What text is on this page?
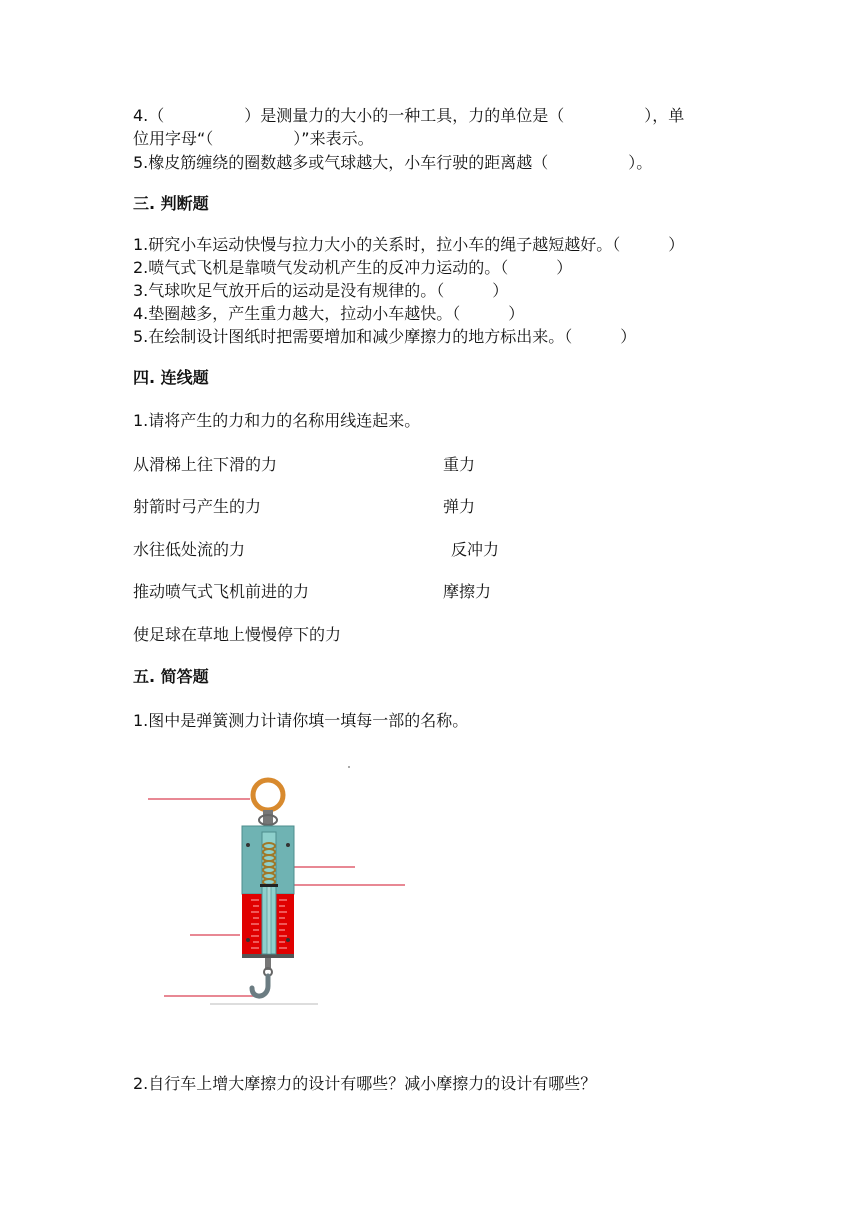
4.（　　　　　）是测量力的大小的一种工具，力的单位是（　　　　　），单
位用字母“（　　　　　）”来表示。
5.橡皮筋缠绕的圈数越多或气球越大，小车行驶的距离越（　　　　　）。
三. 判断题
1.研究小车运动快慢与拉力大小的关系时，拉小车的绳子越短越好。（　　　）
2.喷气式飞机是靠喷气发动机产生的反冲力运动的。（　　　）
3.气球吹足气放开后的运动是没有规律的。（　　　）
4.垫圈越多，产生重力越大，拉动小车越快。（　　　）
5.在绘制设计图纸时把需要增加和减少摩擦力的地方标出来。（　　　）
四. 连线题
1.请将产生的力和力的名称用线连起来。
从滑梯上往下滑的力
射箭时弓产生的力
水往低处流的力
推动喷气式飞机前进的力
使足球在草地上慢慢停下的力
重力
弹力
反冲力
摩擦力
五. 简答题
1.图中是弹簧测力计请你填一填每一部的名称。
2.自行车上增大摩擦力的设计有哪些？减小摩擦力的设计有哪些？
